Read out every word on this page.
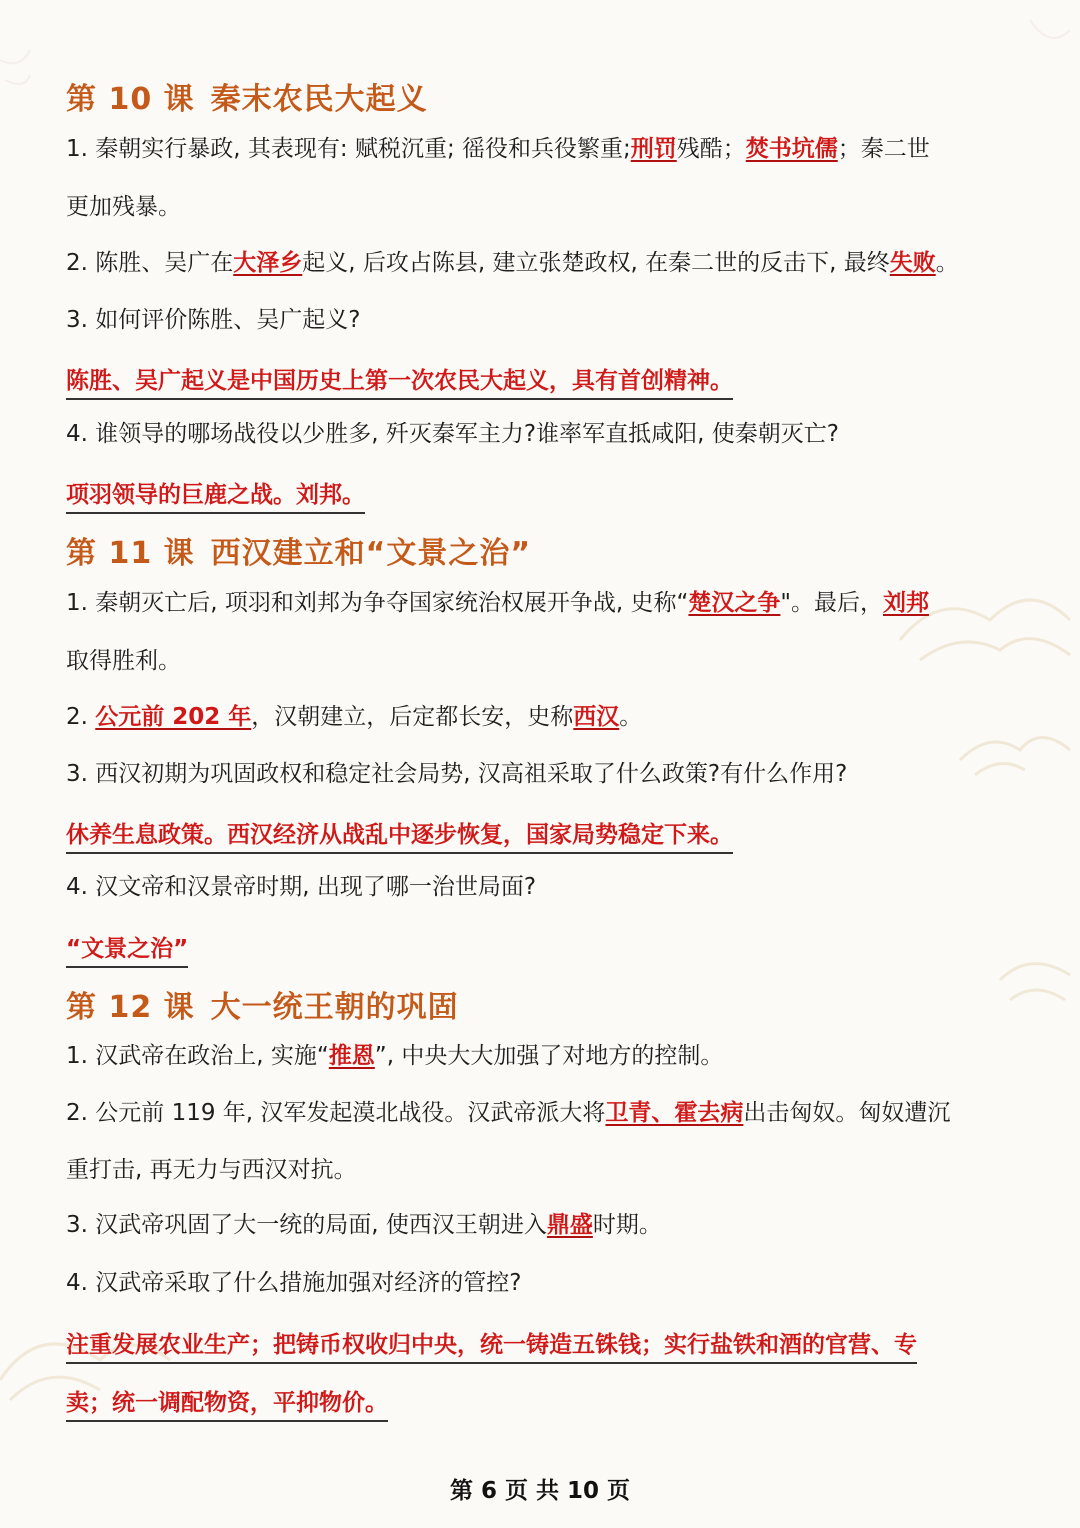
第 10 课 秦末农民大起义
1. 秦朝实行暴政, 其表现有: 赋税沉重; 徭役和兵役繁重;刑罚残酷；焚书坑儒；秦二世
更加残暴。
2. 陈胜、吴广在大泽乡起义, 后攻占陈县, 建立张楚政权, 在秦二世的反击下, 最终失败。
3. 如何评价陈胜、吴广起义?
陈胜、吴广起义是中国历史上第一次农民大起义，具有首创精神。
4. 谁领导的哪场战役以少胜多, 歼灭秦军主力?谁率军直抵咸阳, 使秦朝灭亡?
项羽领导的巨鹿之战。刘邦。
第 11 课 西汉建立和“文景之治”
1. 秦朝灭亡后, 项羽和刘邦为争夺国家统治权展开争战, 史称“楚汉之争"。最后，刘邦
取得胜利。
2. 公元前 202 年，汉朝建立，后定都长安，史称西汉。
3. 西汉初期为巩固政权和稳定社会局势, 汉高祖采取了什么政策?有什么作用?
休养生息政策。西汉经济从战乱中逐步恢复，国家局势稳定下来。
4. 汉文帝和汉景帝时期, 出现了哪一治世局面?
“文景之治”
第 12 课 大一统王朝的巩固
1. 汉武帝在政治上, 实施“推恩”, 中央大大加强了对地方的控制。
2. 公元前 119 年, 汉军发起漠北战役。汉武帝派大将卫青、霍去病出击匈奴。匈奴遭沉
重打击, 再无力与西汉对抗。
3. 汉武帝巩固了大一统的局面, 使西汉王朝进入鼎盛时期。
4. 汉武帝采取了什么措施加强对经济的管控?
注重发展农业生产；把铸币权收归中央，统一铸造五铢钱；实行盐铁和酒的官营、专
卖；统一调配物资，平抑物价。
第 6 页 共 10 页
